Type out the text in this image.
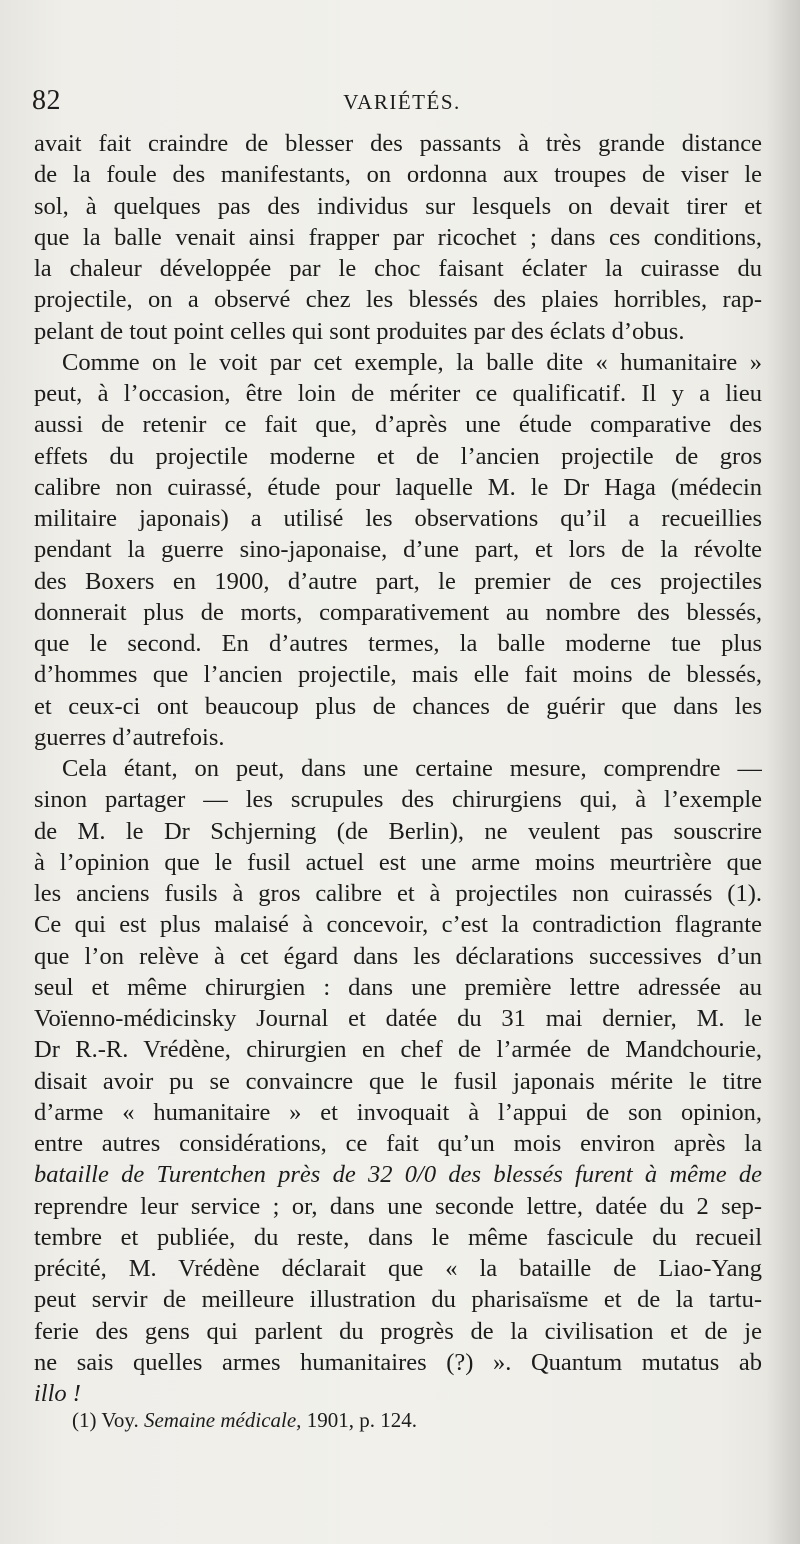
82	VARIÉTÉS.
avait fait craindre de blesser des passants à très grande distance
de la foule des manifestants, on ordonna aux troupes de viser le
sol, à quelques pas des individus sur lesquels on devait tirer et
que la balle venait ainsi frapper par ricochet ; dans ces conditions,
la chaleur développée par le choc faisant éclater la cuirasse du
projectile, on a observé chez les blessés des plaies horribles, rap-
pelant de tout point celles qui sont produites par des éclats d’obus.
Comme on le voit par cet exemple, la balle dite « humanitaire »
peut, à l’occasion, être loin de mériter ce qualificatif. Il y a lieu
aussi de retenir ce fait que, d’après une étude comparative des
effets du projectile moderne et de l’ancien projectile de gros
calibre non cuirassé, étude pour laquelle M. le Dr Haga (médecin
militaire japonais) a utilisé les observations qu’il a recueillies
pendant la guerre sino-japonaise, d’une part, et lors de la révolte
des Boxers en 1900, d’autre part, le premier de ces projectiles
donnerait plus de morts, comparativement au nombre des blessés,
que le second. En d’autres termes, la balle moderne tue plus
d’hommes que l’ancien projectile, mais elle fait moins de blessés,
et ceux-ci ont beaucoup plus de chances de guérir que dans les
guerres d’autrefois.
Cela étant, on peut, dans une certaine mesure, comprendre —
sinon partager — les scrupules des chirurgiens qui, à l’exemple
de M. le Dr Schjerning (de Berlin), ne veulent pas souscrire
à l’opinion que le fusil actuel est une arme moins meurtrière que
les anciens fusils à gros calibre et à projectiles non cuirassés (1).
Ce qui est plus malaisé à concevoir, c’est la contradiction flagrante
que l’on relève à cet égard dans les déclarations successives d’un
seul et même chirurgien : dans une première lettre adressée au
Voïenno-médicinsky Journal et datée du 31 mai dernier, M. le
Dr R.-R. Vrédène, chirurgien en chef de l’armée de Mandchourie,
disait avoir pu se convaincre que le fusil japonais mérite le titre
d’arme « humanitaire » et invoquait à l’appui de son opinion,
entre autres considérations, ce fait qu’un mois environ après la
bataille de Turentchen près de 32 0/0 des blessés furent à même de
reprendre leur service ; or, dans une seconde lettre, datée du 2 sep-
tembre et publiée, du reste, dans le même fascicule du recueil
précité, M. Vrédène déclarait que « la bataille de Liao-Yang
peut servir de meilleure illustration du pharisaïsme et de la tartu-
ferie des gens qui parlent du progrès de la civilisation et de je
ne sais quelles armes humanitaires (?) ». Quantum mutatus ab
illo !
(1) Voy. Semaine médicale, 1901, p. 124.
